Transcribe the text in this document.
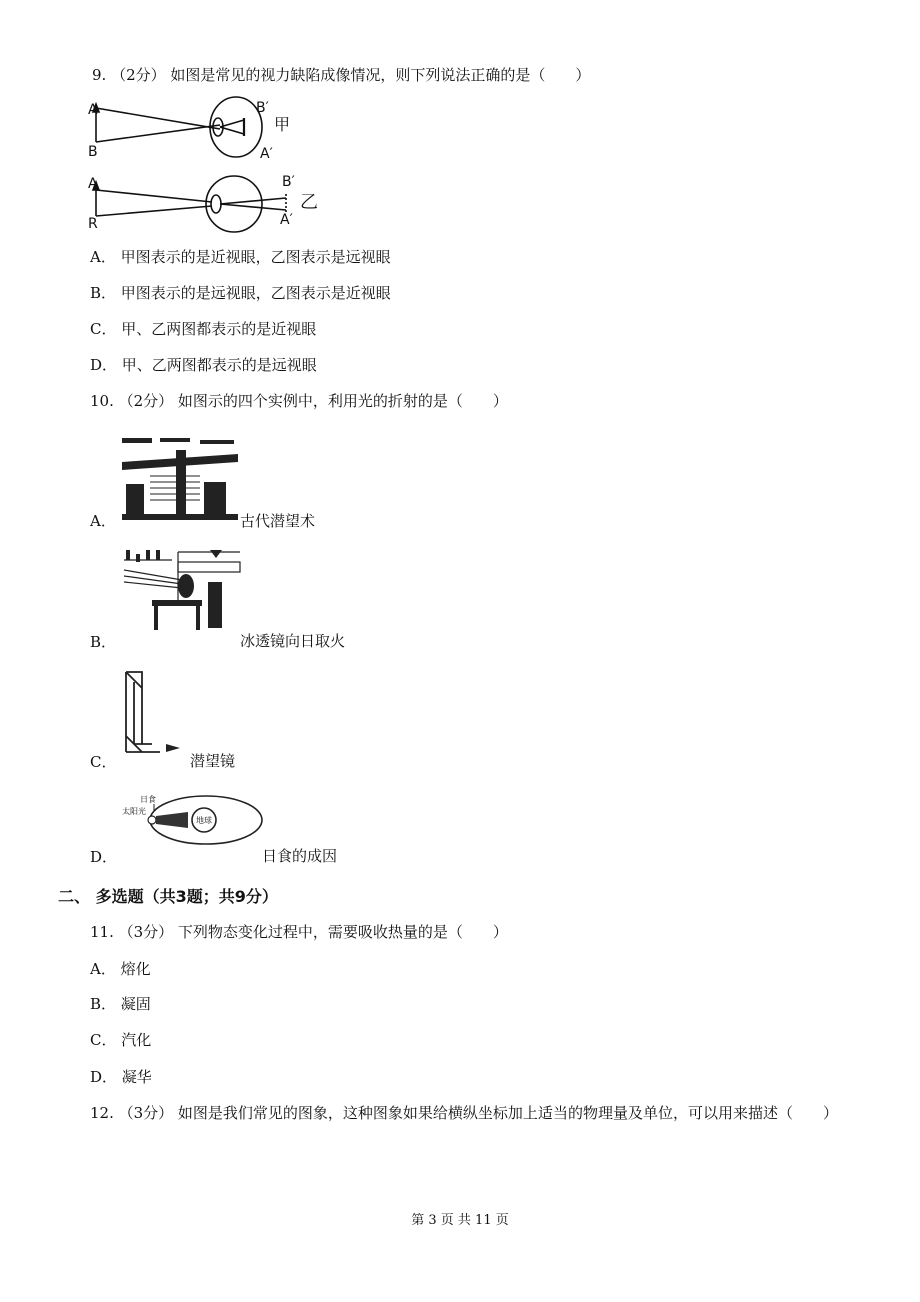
9. （2分） 如图是常见的视力缺陷成像情况，则下列说法正确的是（　　）
A
B
B′
A′
甲
A
R
B′
A′
乙
A． 甲图表示的是近视眼，乙图表示是远视眼
B． 甲图表示的是远视眼，乙图表示是近视眼
C． 甲、乙两图都表示的是近视眼
D． 甲、乙两图都表示的是远视眼
10. （2分） 如图示的四个实例中，利用光的折射的是（　　）
A．	古代潜望术
B．	冰透镜向日取火
C．	潜望镜
D．
太阳光
日食
地球
日食的成因
二、 多选题（共3题；共9分）
11. （3分） 下列物态变化过程中，需要吸收热量的是（　　）
A． 熔化
B． 凝固
C． 汽化
D． 凝华
12. （3分） 如图是我们常见的图象，这种图象如果给横纵坐标加上适当的物理量及单位，可以用来描述（　　）
第 3 页 共 11 页
